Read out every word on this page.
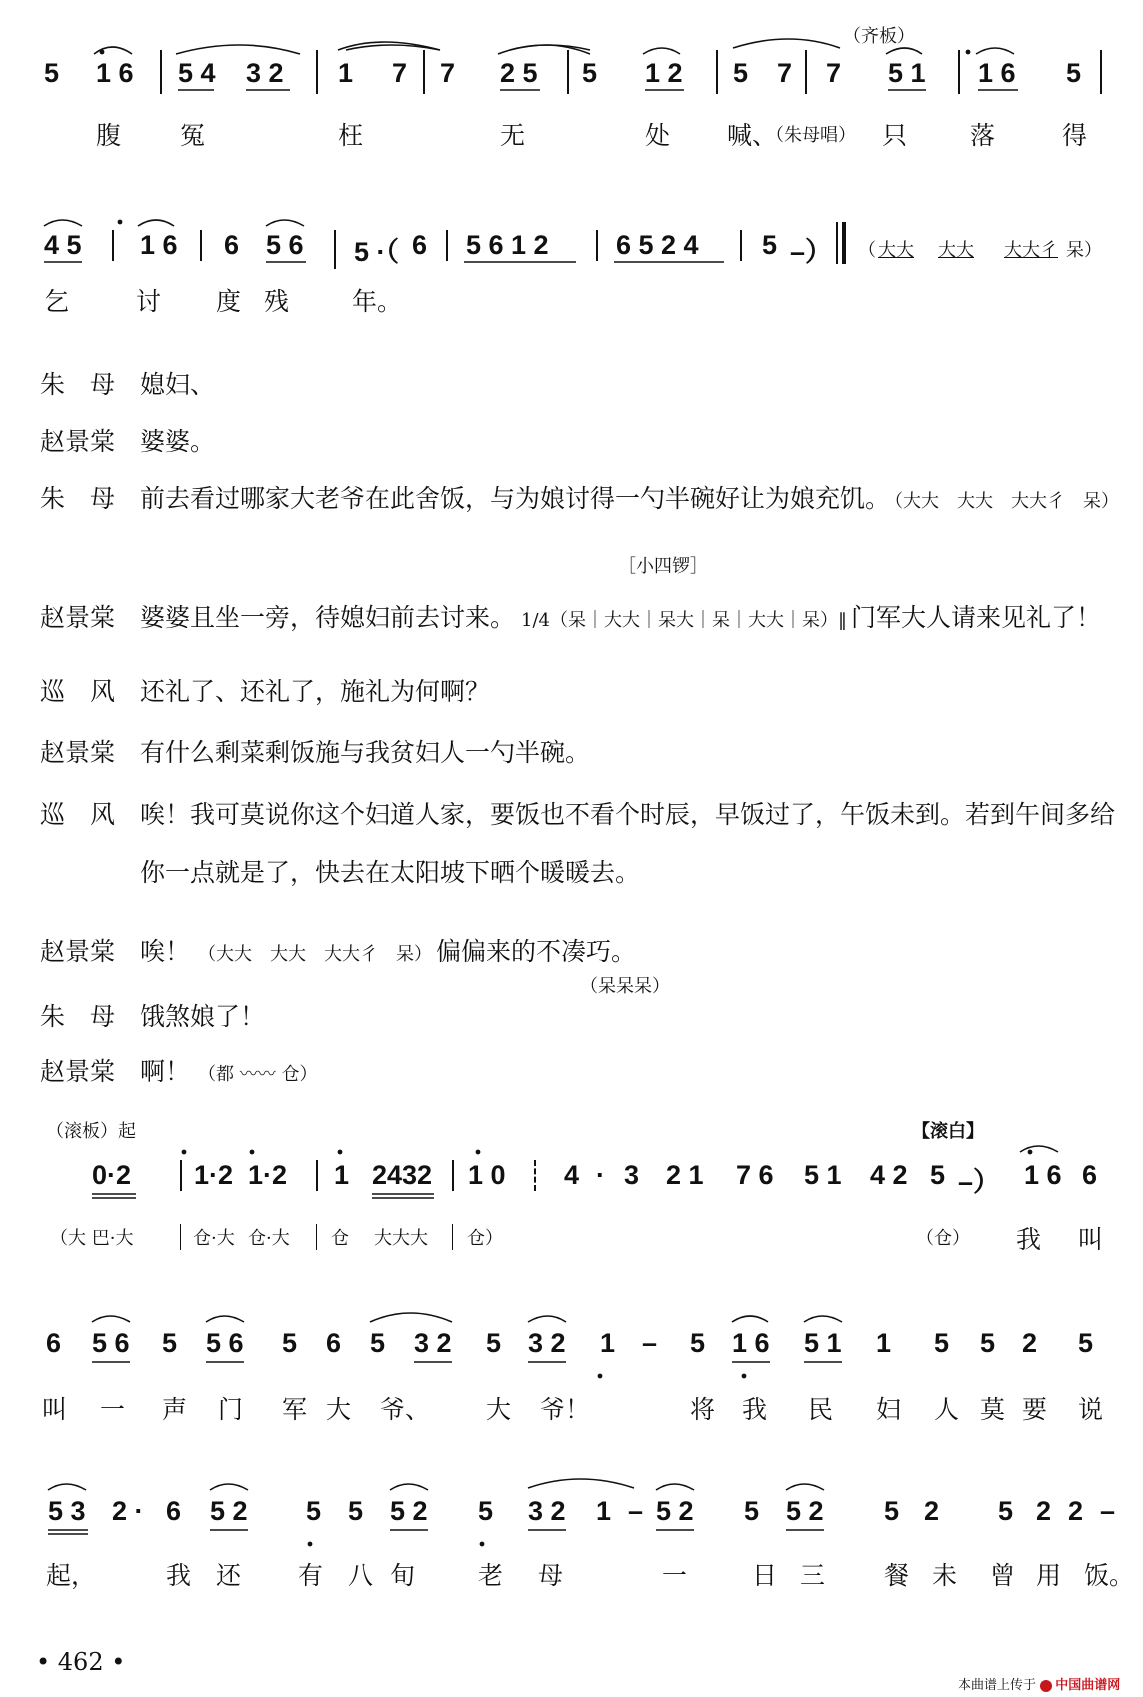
（齐板）
5 1 6 5 4 3 2 1 7 7 2 5 5 1 2 5 7 7 5 1 1 6 5
腹 冤	枉	无	处 喊、
（朱母唱） 只	落	得
4 5	1 6	6 5 6	5 ·（ 6	5 6 1 2	6 5 2 4	5 –） （ 大大 大大 大大彳 呆）
乞	讨 度 残	年。
朱　母 媳妇、
赵景棠 婆婆。
朱　母 前去看过哪家大老爷在此舍饭，与为娘讨得一勺半碗好让为娘充饥。 （大大　大大　大大彳　呆）
［小四锣］
赵景棠 婆婆且坐一旁，待媳妇前去讨来。 1/4（呆｜大大｜呆大｜呆｜大大｜呆）‖ 门军大人请来见礼了！
巡　风 还礼了、还礼了，施礼为何啊？
赵景棠 有什么剩菜剩饭施与我贫妇人一勺半碗。
巡　风 唉！我可莫说你这个妇道人家，要饭也不看个时辰，早饭过了，午饭未到。若到午间多给
你一点就是了，快去在太阳坡下晒个暖暖去。
赵景棠 唉！ （大大　大大　大大彳　呆） 偏偏来的不凑巧。
（呆呆呆）
朱　母 饿煞娘了！
赵景棠 啊！ （都 〰〰 仓）
（滚板）起	【滚白】
0·2	1·2 1·2	1 2432	1 0	4 · 3 2 1 7 6 5 1 4 2 5 –） 1 6 6
（大 巴·大	仓·大 仓·大	仓 大大大	仓）	（仓） 我 叫
6 5 6 5 5 6 5 6 5 3 2 5 3 2 1 – 5 1 6 5 1 1 5 5 2 5
叫 一 声 门 军 大 爷、 大 爷！	将 我 民 妇 人 莫 要 说
5 3 2 · 6 5 2 5 5 5 2 5 3 2 1 – 5 2 5 5 2 5 2 5 2 2 –
起，	我 还 有 八 旬	老 母	一	日 三 餐 未 曾 用 饭。
• 462 •
本曲谱上传于 中国曲谱网
